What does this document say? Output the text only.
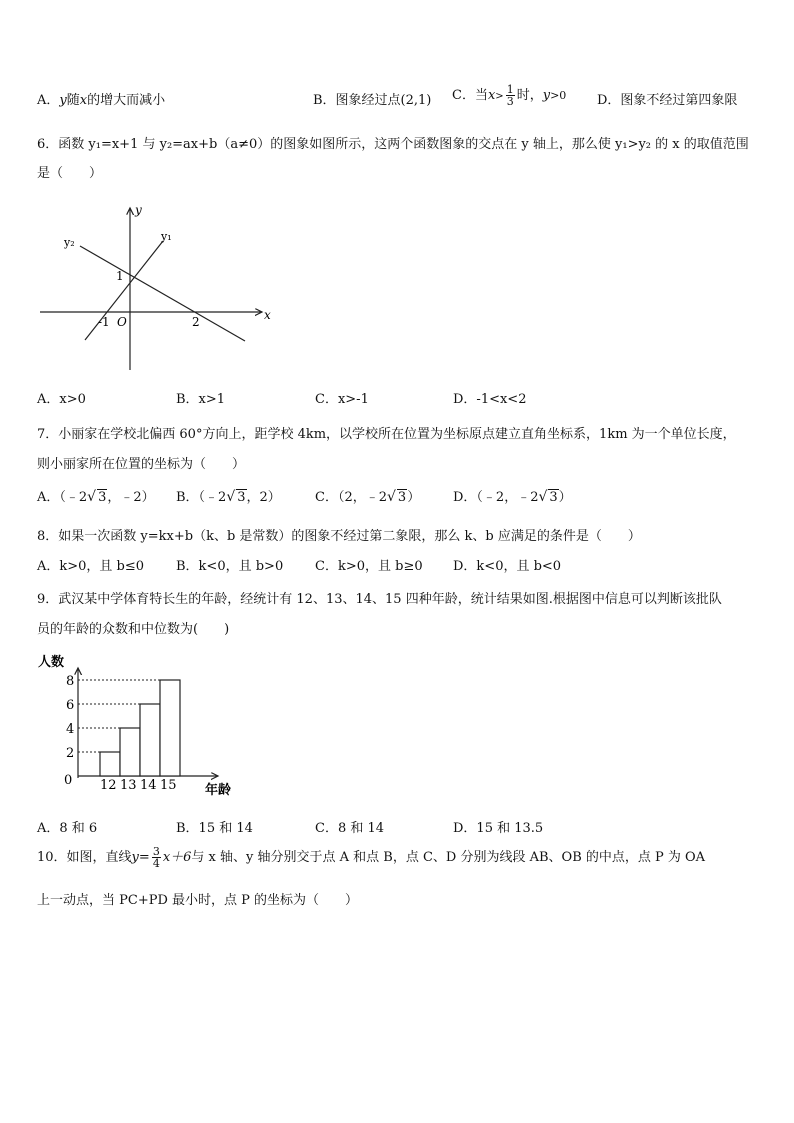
A．y随x的增大而减小	B．图象经过点(2,1) C．当$x> \frac{1}{3}$ 时，y>0 D．图象不经过第四象限
6．函数 y₁=x+1 与 y₂=ax+b（a≠0）的图象如图所示，这两个函数图象的交点在 y 轴上，那么使 y₁>y₂ 的 x 的取值范围
是（　　）
y
x
y₁
y₂
1
-1 O	2
A．x>0	B．x>1	C．x>-1	D．-1<x<2
7．小丽家在学校北偏西 60°方向上，距学校 4km，以学校所在位置为坐标原点建立直角坐标系，1km 为一个单位长度，
则小丽家所在位置的坐标为（　　）
A．（﹣2√ 3，﹣2） B．（﹣2√ 3，2）	C．（2，﹣2√ 3）	D．（﹣2，﹣2√ 3）
8．如果一次函数 y=kx+b（k、b 是常数）的图象不经过第二象限，那么 k、b 应满足的条件是（　　）
A．k>0，且 b≤0 B．k<0，且 b>0 C．k>0，且 b≥0 D．k<0，且 b<0
9．武汉某中学体育特长生的年龄，经统计有 12、13、14、15 四种年龄，统计结果如图.根据图中信息可以判断该批队
员的年龄的众数和中位数为(　　)
人数
年龄
12 13 14 15
0
2
4
6
8
A．8 和 6	B．15 和 14	C．8 和 14	D．15 和 13.5
10．如图，直线$y= \frac{3}{4} x+6$与 x 轴、y 轴分别交于点 A 和点 B，点 C、D 分别为线段 AB、OB 的中点，点 P 为 OA
上一动点，当 PC+PD 最小时，点 P 的坐标为（　　）
